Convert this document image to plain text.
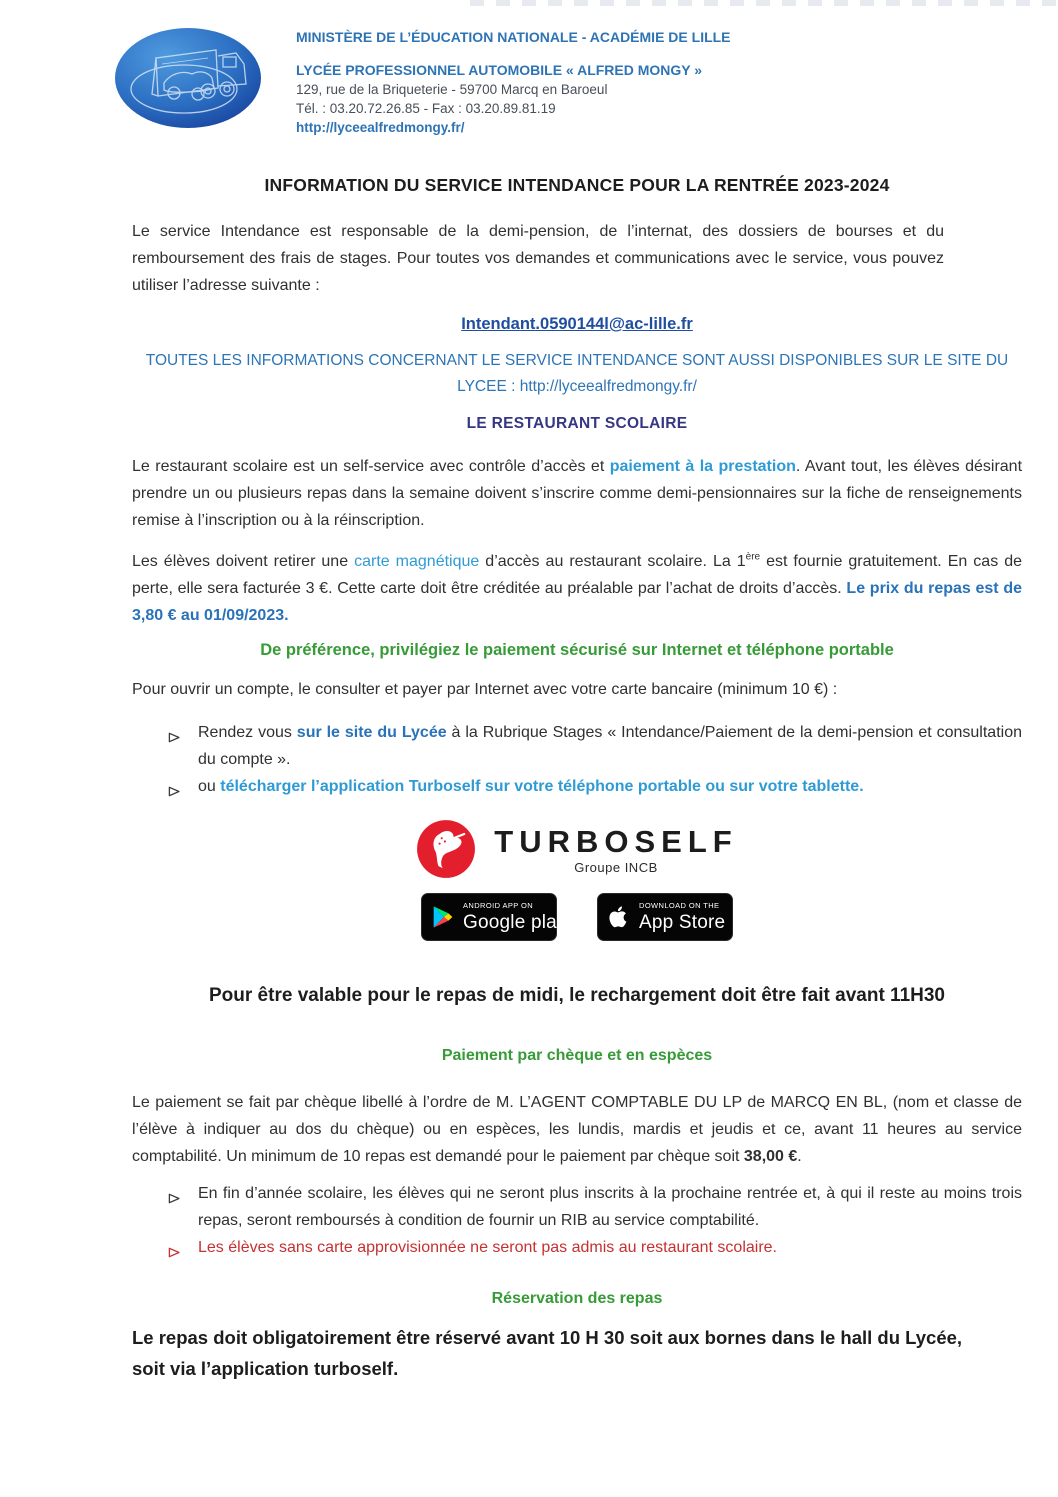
MINISTÈRE DE L’ÉDUCATION NATIONALE - ACADÉMIE DE LILLE
LYCÉE PROFESSIONNEL AUTOMOBILE « ALFRED MONGY »
129, rue de la Briqueterie - 59700 Marcq en Baroeul
Tél. : 03.20.72.26.85 - Fax : 03.20.89.81.19
http://lyceealfredmongy.fr/
INFORMATION DU SERVICE INTENDANCE POUR LA RENTRÉE 2023-2024

Le service Intendance est responsable de la demi-pension, de l’internat, des dossiers de bourses et du remboursement des frais de stages. Pour toutes vos demandes et communications avec le service, vous pouvez utiliser l’adresse suivante :

Intendant.0590144l@ac-lille.fr

TOUTES LES INFORMATIONS CONCERNANT LE SERVICE INTENDANCE SONT AUSSI DISPONIBLES SUR LE SITE DU LYCEE : http://lyceealfredmongy.fr/

LE RESTAURANT SCOLAIRE

Le restaurant scolaire est un self-service avec contrôle d’accès et paiement à la prestation. Avant tout, les élèves désirant prendre un ou plusieurs repas dans la semaine doivent s’inscrire comme demi-pensionnaires sur la fiche de renseignements remise à l’inscription ou à la réinscription.

Les élèves doivent retirer une carte magnétique d’accès au restaurant scolaire. La 1ère est fournie gratuitement. En cas de perte, elle sera facturée 3 €. Cette carte doit être créditée au préalable par l’achat de droits d’accès. Le prix du repas est de 3,80 € au 01/09/2023.

De préférence, privilégiez le paiement sécurisé sur Internet et téléphone portable

Pour ouvrir un compte, le consulter et payer par Internet avec votre carte bancaire (minimum 10 €) :

Rendez vous sur le site du Lycée à la Rubrique Stages « Intendance/Paiement de la demi-pension et consultation du compte ».
ou télécharger l’application Turboself sur votre téléphone portable ou sur votre tablette.
TURBOSELF
Groupe INCB
ANDROID APP ON
Google play
DOWNLOAD ON THE
App Store
Pour être valable pour le repas de midi, le rechargement doit être fait avant 11H30
Paiement par chèque et en espèces

Le paiement se fait par chèque libellé à l’ordre de M. L’AGENT COMPTABLE DU LP de MARCQ EN BL, (nom et classe de l’élève à indiquer au dos du chèque) ou en espèces, les lundis, mardis et jeudis et ce, avant 11 heures au service comptabilité. Un minimum de 10 repas est demandé pour le paiement par chèque soit 38,00 €.

En fin d’année scolaire, les élèves qui ne seront plus inscrits à la prochaine rentrée et, à qui il reste au moins trois repas, seront remboursés à condition de fournir un RIB au service comptabilité.
Les élèves sans carte approvisionnée ne seront pas admis au restaurant scolaire.
Réservation des repas

Le repas doit obligatoirement être réservé avant 10 H 30 soit aux bornes dans le hall du Lycée, soit via l’application turboself.
